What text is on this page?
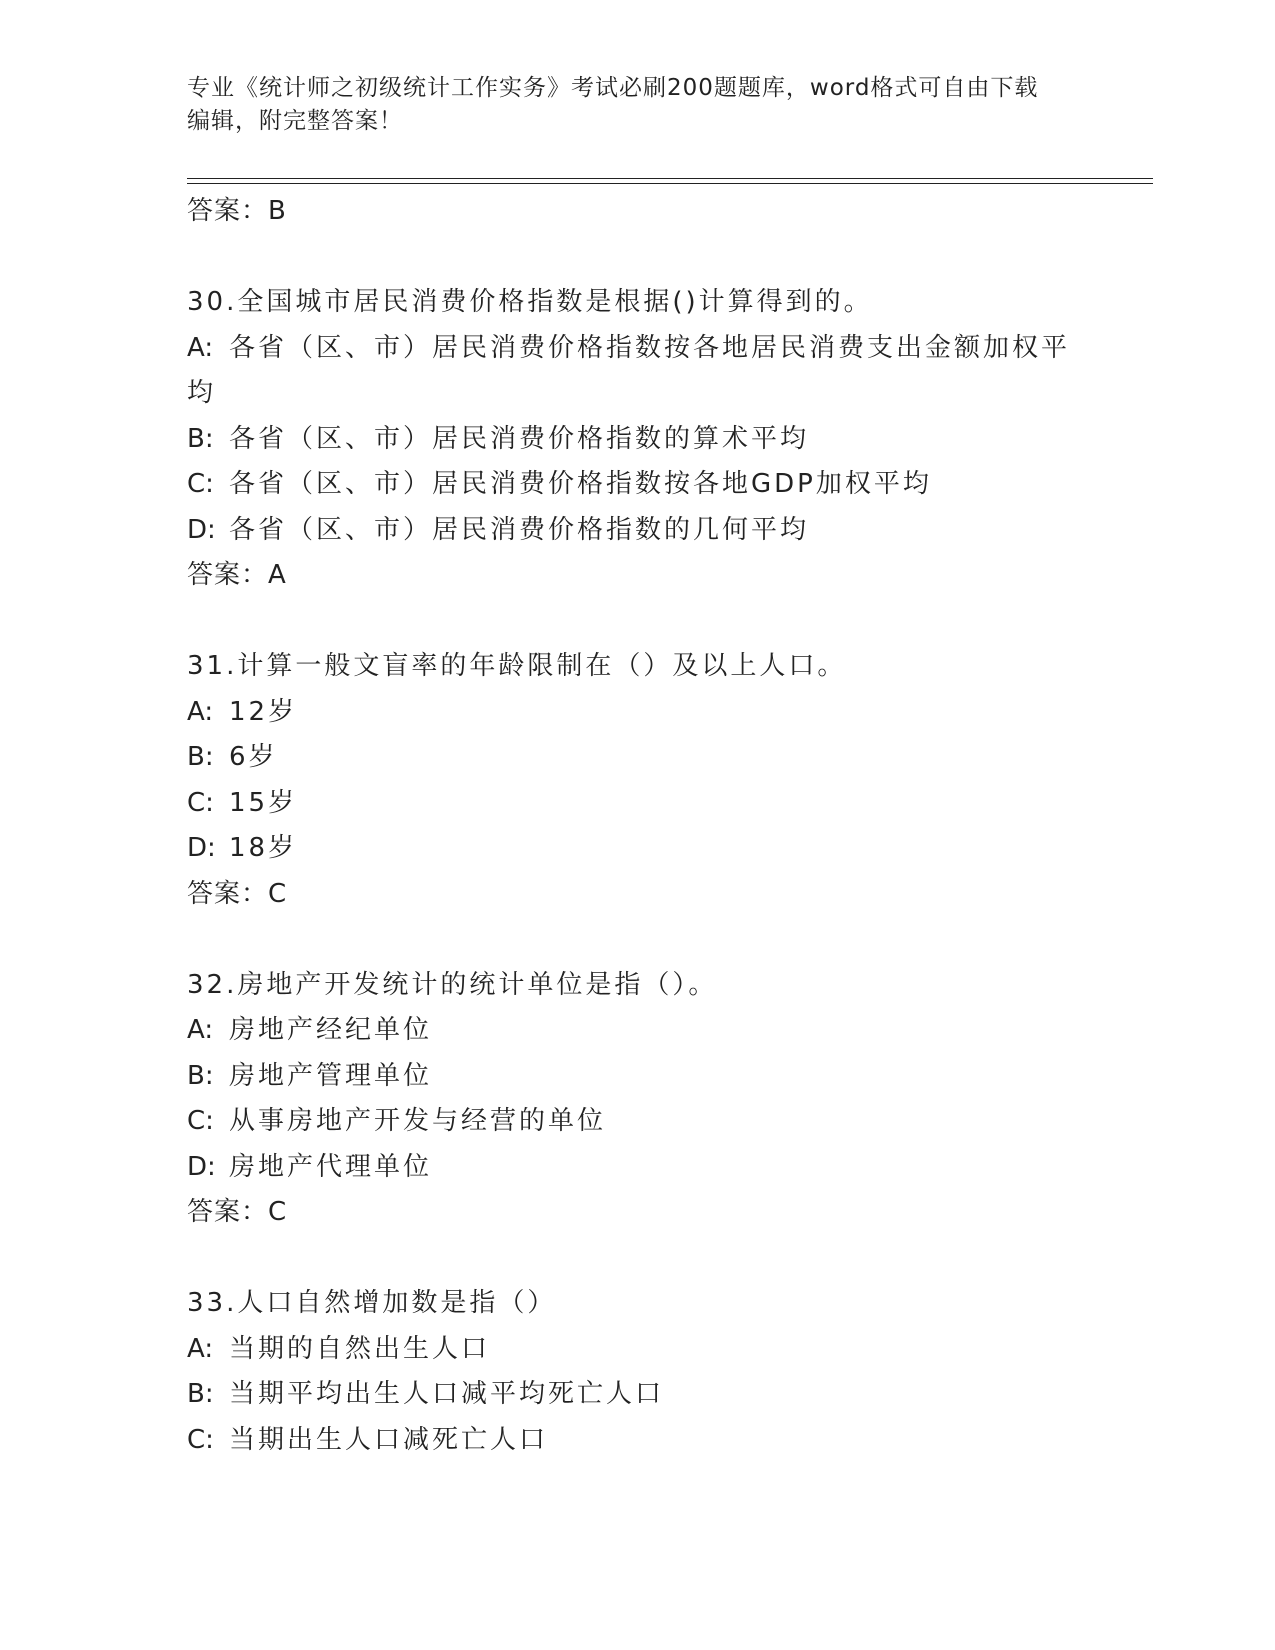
专业《统计师之初级统计工作实务》考试必刷200题题库，word格式可自由下载
编辑，附完整答案！
答案：B
30.全国城市居民消费价格指数是根据()计算得到的。
A: 各省（区、市）居民消费价格指数按各地居民消费支出金额加权平
均
B: 各省（区、市）居民消费价格指数的算术平均
C: 各省（区、市）居民消费价格指数按各地GDP加权平均
D: 各省（区、市）居民消费价格指数的几何平均
答案：A
31.计算一般文盲率的年龄限制在（）及以上人口。
A: 12岁
B: 6岁
C: 15岁
D: 18岁
答案：C
32.房地产开发统计的统计单位是指（）。
A: 房地产经纪单位
B: 房地产管理单位
C: 从事房地产开发与经营的单位
D: 房地产代理单位
答案：C
33.人口自然增加数是指（）
A: 当期的自然出生人口
B: 当期平均出生人口减平均死亡人口
C: 当期出生人口减死亡人口
